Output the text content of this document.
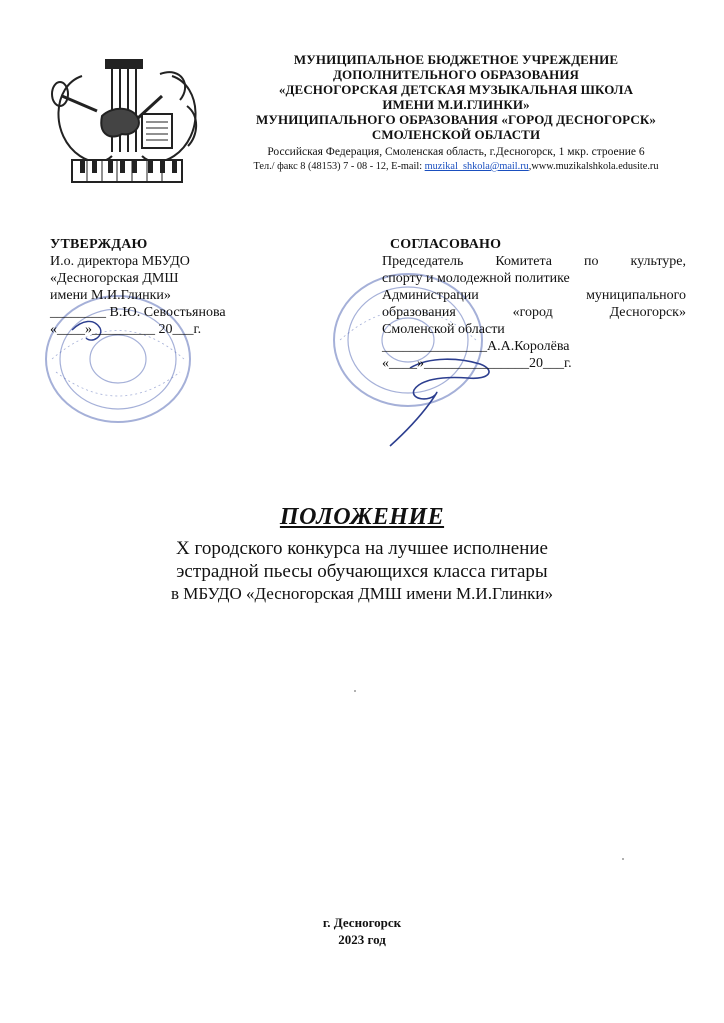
МУНИЦИПАЛЬНОЕ БЮДЖЕТНОЕ УЧРЕЖДЕНИЕ
ДОПОЛНИТЕЛЬНОГО ОБРАЗОВАНИЯ
«ДЕСНОГОРСКАЯ ДЕТСКАЯ МУЗЫКАЛЬНАЯ ШКОЛА
ИМЕНИ М.И.ГЛИНКИ»
МУНИЦИПАЛЬНОГО ОБРАЗОВАНИЯ «ГОРОД ДЕСНОГОРСК»
СМОЛЕНСКОЙ ОБЛАСТИ
Российская Федерация, Смоленская область, г.Десногорск, 1 мкр. строение 6
Тел./ факс 8 (48153) 7 - 08 - 12, E-mail: muzikal_shkola@mail.ru,www.muzikalshkola.edusite.ru
УТВЕРЖДАЮ
И.о. директора МБУДО
«Десногорская ДМШ
имени М.И.Глинки»
________ В.Ю. Севостьянова
«____»_________ 20___г.
СОГЛАСОВАНО
Председатель Комитета по культуре,
спорту и молодежной политике
Администрации муниципального
образования «город Десногорск»
Смоленской области
_______________А.А.Королёва
«____»_______________20___г.
ПОЛОЖЕНИЕ
Х городского конкурса на лучшее исполнение
эстрадной пьесы обучающихся класса гитары
в МБУДО «Десногорская ДМШ имени М.И.Глинки»
г. Десногорск
2023 год
